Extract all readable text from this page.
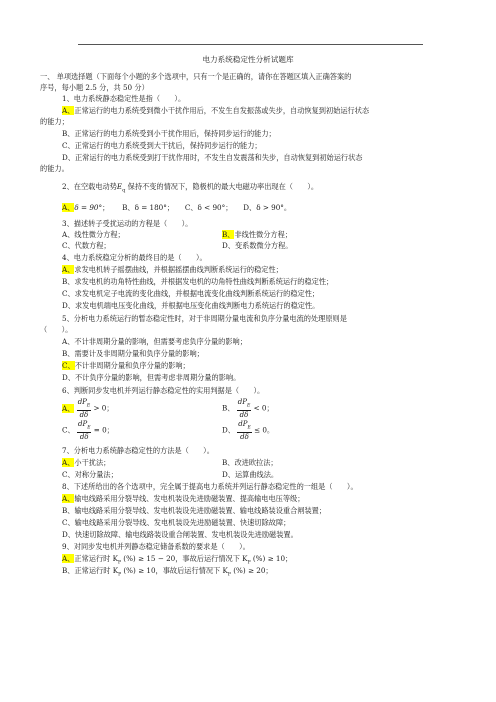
电力系统稳定性分析试题库
一、 单项选择题（下面每个小题的多个选项中，只有一个是正确的，请你在答题区填入正确答案的
序号，每小题 2.5 分，共 50 分）
1、电力系统静态稳定性是指（　　）。
A、正常运行的电力系统受到微小干扰作用后，不发生自发振荡或失步，自动恢复到初始运行状态
的能力；
B、正常运行的电力系统受到小干扰作用后，保持同步运行的能力；
C、正常运行的电力系统受到大干扰后，保持同步运行的能力；
D、正常运行的电力系统受到打干扰作用时，不发生自发震荡和失步，自动恢复到初始运行状态
的能力。
2、在空载电动势$E_q$ 保持不变的情况下，隐极机的最大电磁功率出现在（　　）。
A、δ = 90°；   B、δ = 180°； C、δ < 90°； D、δ > 90°。
3、描述转子受扰运动的方程是（　　）。
A、线性微分方程；	B、非线性微分方程；
C、代数方程；	D、变系数微分方程。
4、电力系统稳定分析的最终目的是（　　）。
A、求发电机转子摇摆曲线，并根据摇摆曲线判断系统运行的稳定性；
B、求发电机的功角特性曲线，并根据发电机的功角特性曲线判断系统运行的稳定性；
C、求发电机定子电流的变化曲线，并根据电流变化曲线判断系统运行的稳定性；
D、求发电机端电压变化曲线，并根据电压变化曲线判断电力系统运行的稳定性。
5、分析电力系统运行的暂态稳定性时，对于非周期分量电流和负序分量电流的处理原则是
（　　）。
A、不计非周期分量的影响，但需要考虑负序分量的影响；
B、需要计及非周期分量和负序分量的影响；
C、不计非周期分量和负序分量的影响；
D、不计负序分量的影响，但需考虑非周期分量的影响。
6、判断同步发电机并列运行静态稳定性的实用判据是（　　）。
A、 $\frac{dP_E}{d\delta} > 0$；	B、 $\frac{dP_E}{d\delta} < 0$；
C、 $\frac{dP_E}{d\delta} = 0$；	D、 $\frac{dP_E}{d\delta} \le 0$。
7、分析电力系统静态稳定性的方法是（　　）。
A、小干扰法；	B、改进欧拉法；
C、对称分量法；	D、运算曲线法。
8、下述所给出的各个选项中，完全属于提高电力系统并列运行静态稳定性的一组是（　　）。
A、输电线路采用分裂导线、发电机装设先进励磁装置、提高输电电压等级；
B、输电线路采用分裂导线、发电机装设先进励磁装置、输电线路装设重合闸装置；
C、输电线路采用分裂导线、发电机装设先进励磁装置、快速切除故障；
D、快速切除故障、输电线路装设重合闸装置、发电机装设先进励磁装置。
9、对同步发电机并列静态稳定储备系数的要求是（　　）。
A、正常运行时 $K_P$ (%) ≥ 15 − 20，事故后运行情况下 $K_P$ (%) ≥ 10；
B、正常运行时 $K_P$ (%) ≥ 10，事故后运行情况下 $K_P$ (%) ≥ 20；
